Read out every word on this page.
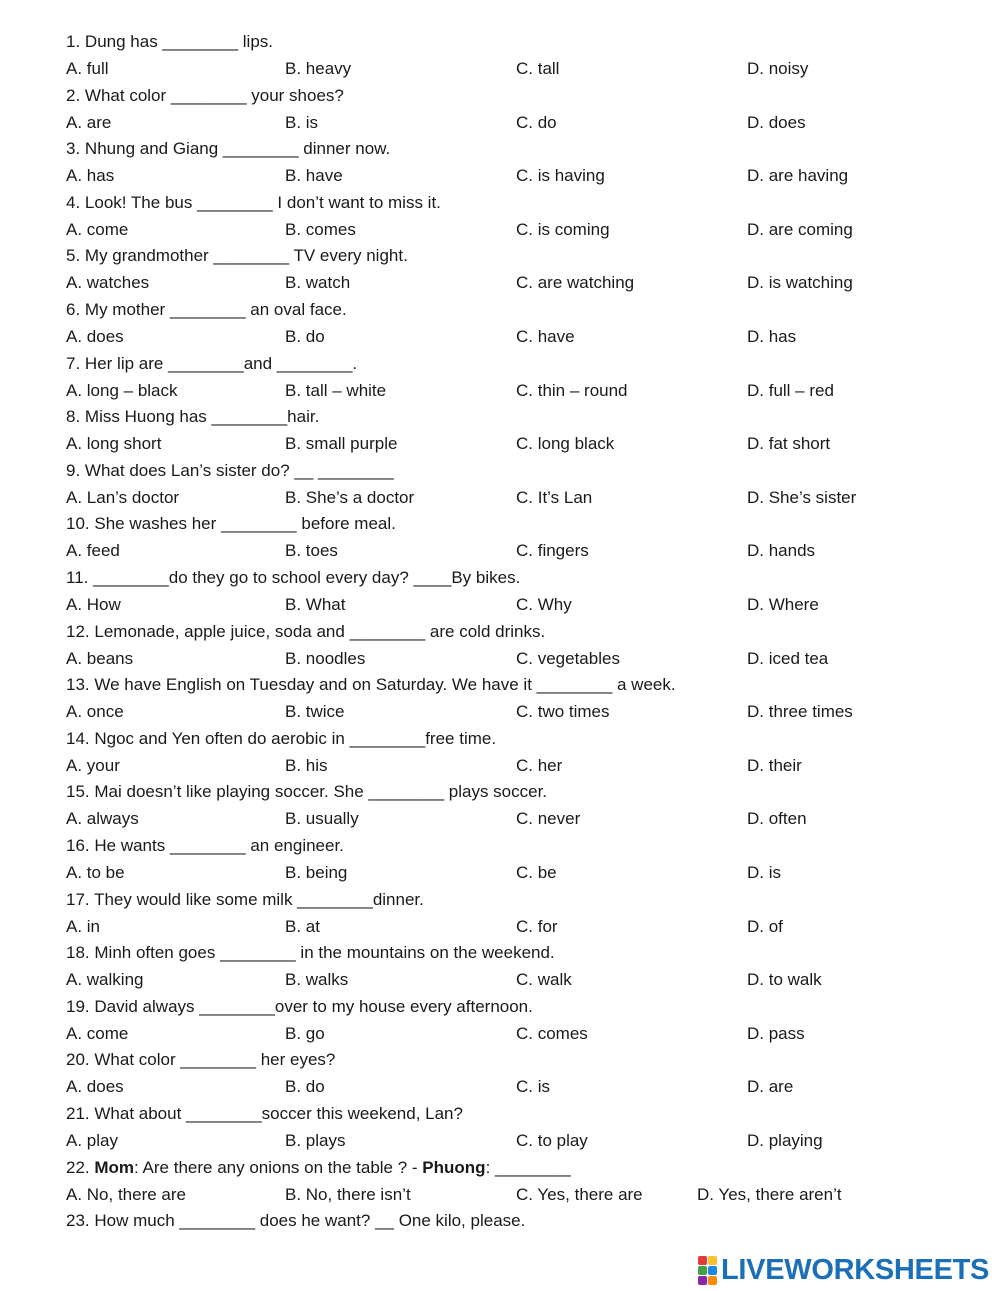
1. Dung has ________ lips.
A. full	B. heavy	C. tall	D. noisy
2. What color ________ your shoes?
A. are	B. is	C. do	D. does
3. Nhung and Giang ________ dinner now.
A. has	B. have	C. is having	D. are having
4. Look! The bus ________ I don’t want to miss it.
A. come	B. comes	C. is coming	D. are coming
5. My grandmother ________ TV every night.
A. watches	B. watch	C. are watching	D. is watching
6. My mother ________ an oval face.
A. does	B. do	C. have	D. has
7. Her lip are ________and ________.
A. long – black	B. tall – white	C. thin – round	D. full – red
8. Miss Huong has ________hair.
A. long short	B. small purple	C. long black	D. fat short
9. What does Lan’s sister do? __ ________
A. Lan’s doctor	B. She’s a doctor	C. It’s Lan	D. She’s sister
10. She washes her ________ before meal.
A. feed	B. toes	C. fingers	D. hands
11. ________do they go to school every day? ____By bikes.
A. How	B. What	C. Why	D. Where
12. Lemonade, apple juice, soda and ________ are cold drinks.
A. beans	B. noodles	C. vegetables	D. iced tea
13. We have English on Tuesday and on Saturday. We have it ________ a week.
A. once	B. twice	C. two times	D. three times
14. Ngoc and Yen often do aerobic in ________free time.
A. your	B. his	C. her	D. their
15. Mai doesn’t like playing soccer. She ________ plays soccer.
A. always	B. usually	C. never	D. often
16. He wants ________ an engineer.
A. to be	B. being	C. be	D. is
17. They would like some milk ________dinner.
A. in	B. at	C. for	D. of
18. Minh often goes ________ in the mountains on the weekend.
A. walking	B. walks	C. walk	D. to walk
19. David always ________over to my house every afternoon.
A. come	B. go	C. comes	D. pass
20. What color ________ her eyes?
A. does	B. do	C. is	D. are
21. What about ________soccer this weekend, Lan?
A. play	B. plays	C. to play	D. playing
22. Mom: Are there any onions on the table ? - Phuong: ________
A. No, there are	B. No, there isn’t	C. Yes, there are	D. Yes, there aren’t
23. How much ________ does he want? __ One kilo, please.
LIVEWORKSHEETS
